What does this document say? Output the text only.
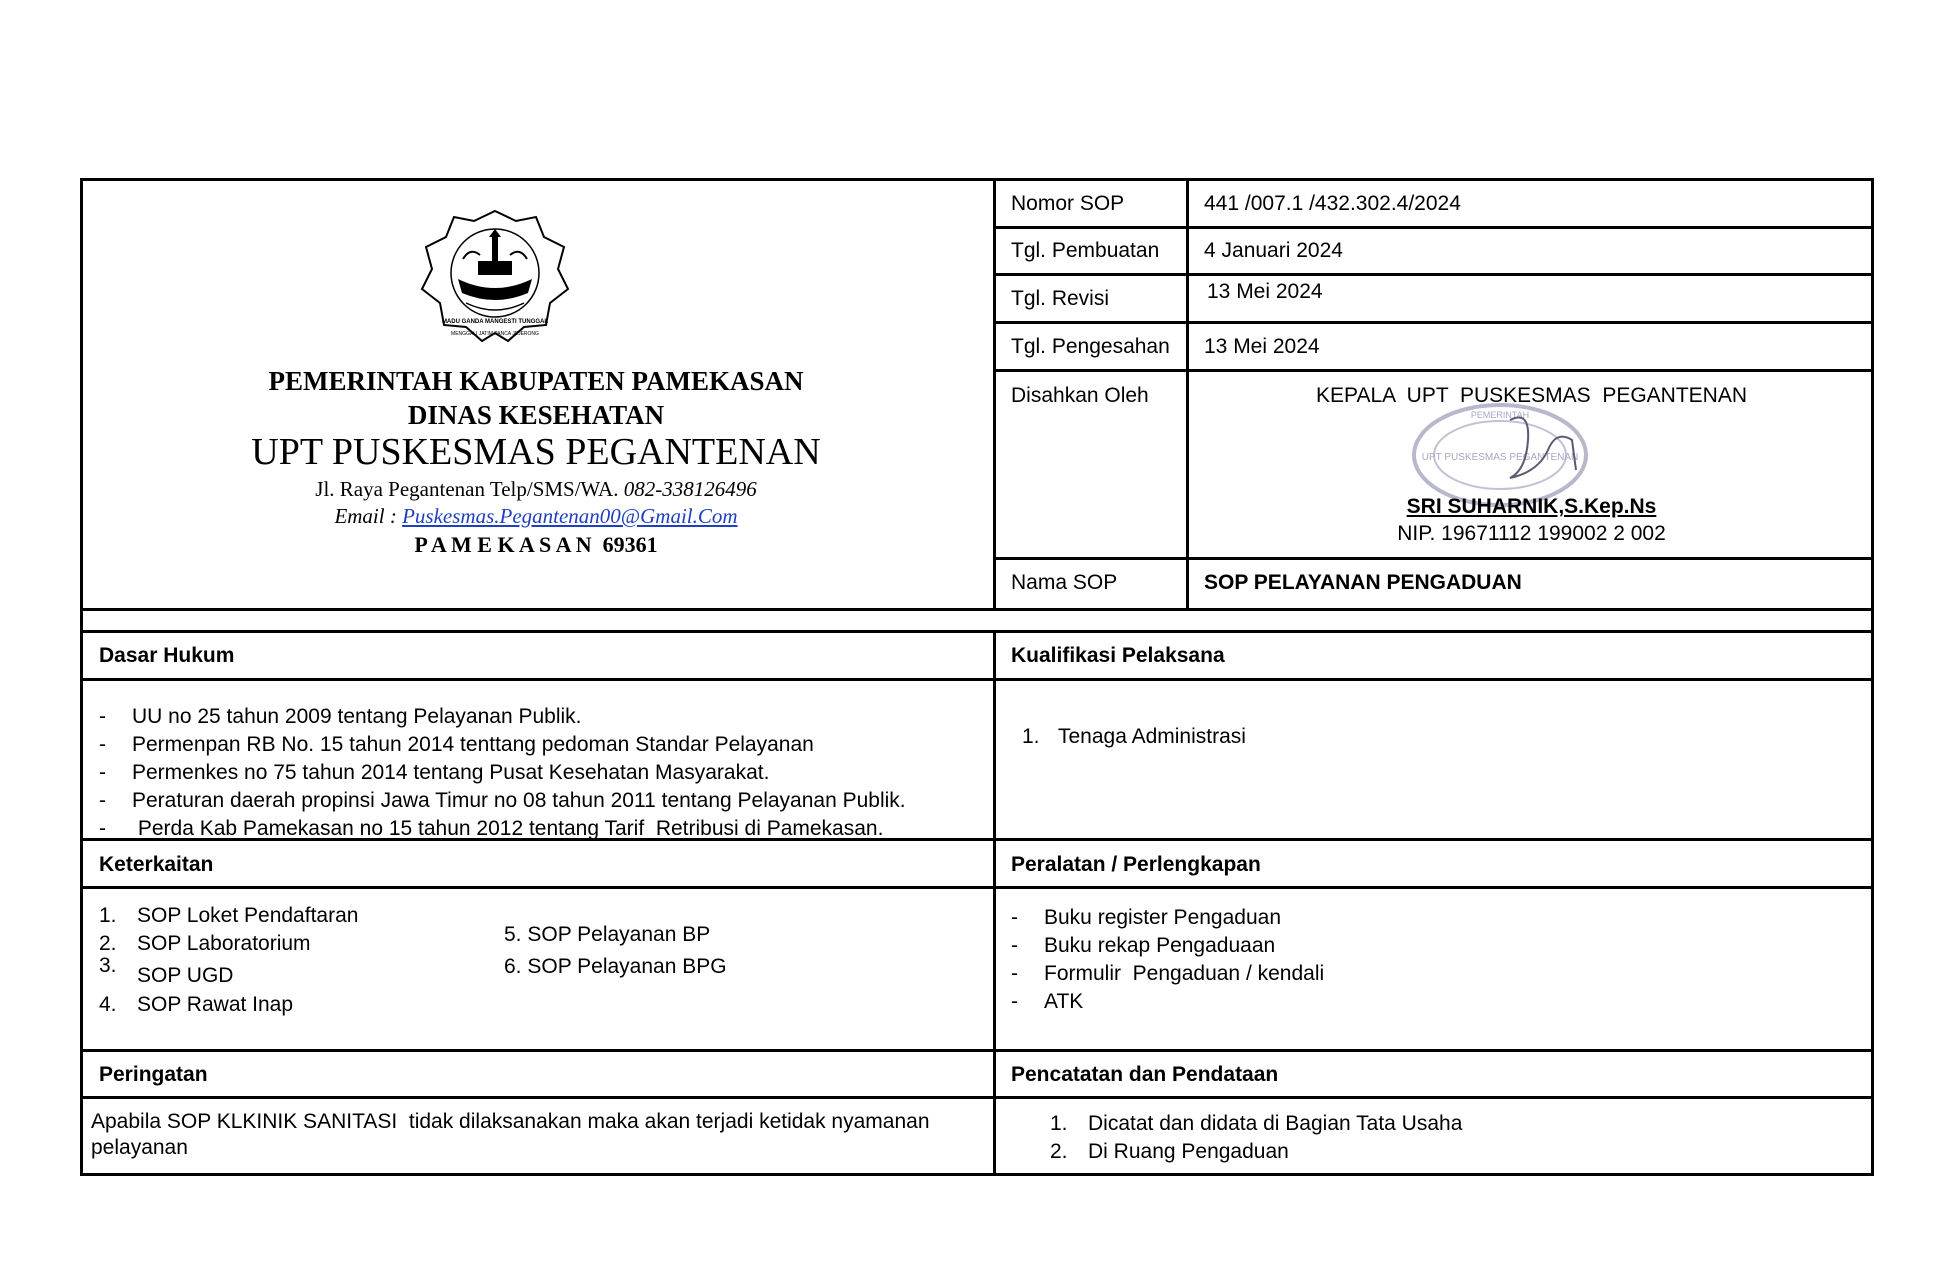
MADU GANDA MANGESTI TUNGGAL
MENGGALI JATIM PANCA JEJERONG
PEMERINTAH KABUPATEN PAMEKASAN
DINAS KESEHATAN
UPT PUSKESMAS PEGANTENAN
Jl. Raya Pegantenan Telp/SMS/WA. 082-338126496
Email : Puskesmas.Pegantenan00@Gmail.Com
P A M E K A S A N  69361
Nomor SOP	441 /007.1 /432.302.4/2024
Tgl. Pembuatan 4 Januari 2024
Tgl. Revisi	13 Mei 2024
Tgl. Pengesahan 13 Mei 2024
Disahkan Oleh	KEPALA  UPT  PUSKESMAS  PEGANTENAN
PEMERINTAH
UPT PUSKESMAS PEGANTENAN
SRI SUHARNIK,S.Kep.Ns
NIP. 19671112 199002 2 002
Nama SOP	SOP PELAYANAN PENGADUAN
Dasar Hukum	Kualifikasi Pelaksana
- UU no 25 tahun 2009 tentang Pelayanan Publik.
- Permenpan RB No. 15 tahun 2014 tenttang pedoman Standar Pelayanan
- Permenkes no 75 tahun 2014 tentang Pusat Kesehatan Masyarakat.
- Peraturan daerah propinsi Jawa Timur no 08 tahun 2011 tentang Pelayanan Publik.
- Perda Kab Pamekasan no 15 tahun 2012 tentang Tarif  Retribusi di Pamekasan.
1. Tenaga Administrasi
Keterkaitan	Peralatan / Perlengkapan
1. SOP Loket Pendaftaran
2. SOP Laboratorium
3. SOP UGD
4. SOP Rawat Inap
5. SOP Pelayanan BP
6. SOP Pelayanan BPG
- Buku register Pengaduan
- Buku rekap Pengaduaan
- Formulir  Pengaduan / kendali
- ATK
Peringatan	Pencatatan dan Pendataan
Apabila SOP KLKINIK SANITASI  tidak dilaksanakan maka akan terjadi ketidak nyamanan pelayanan
1. Dicatat dan didata di Bagian Tata Usaha
2. Di Ruang Pengaduan
